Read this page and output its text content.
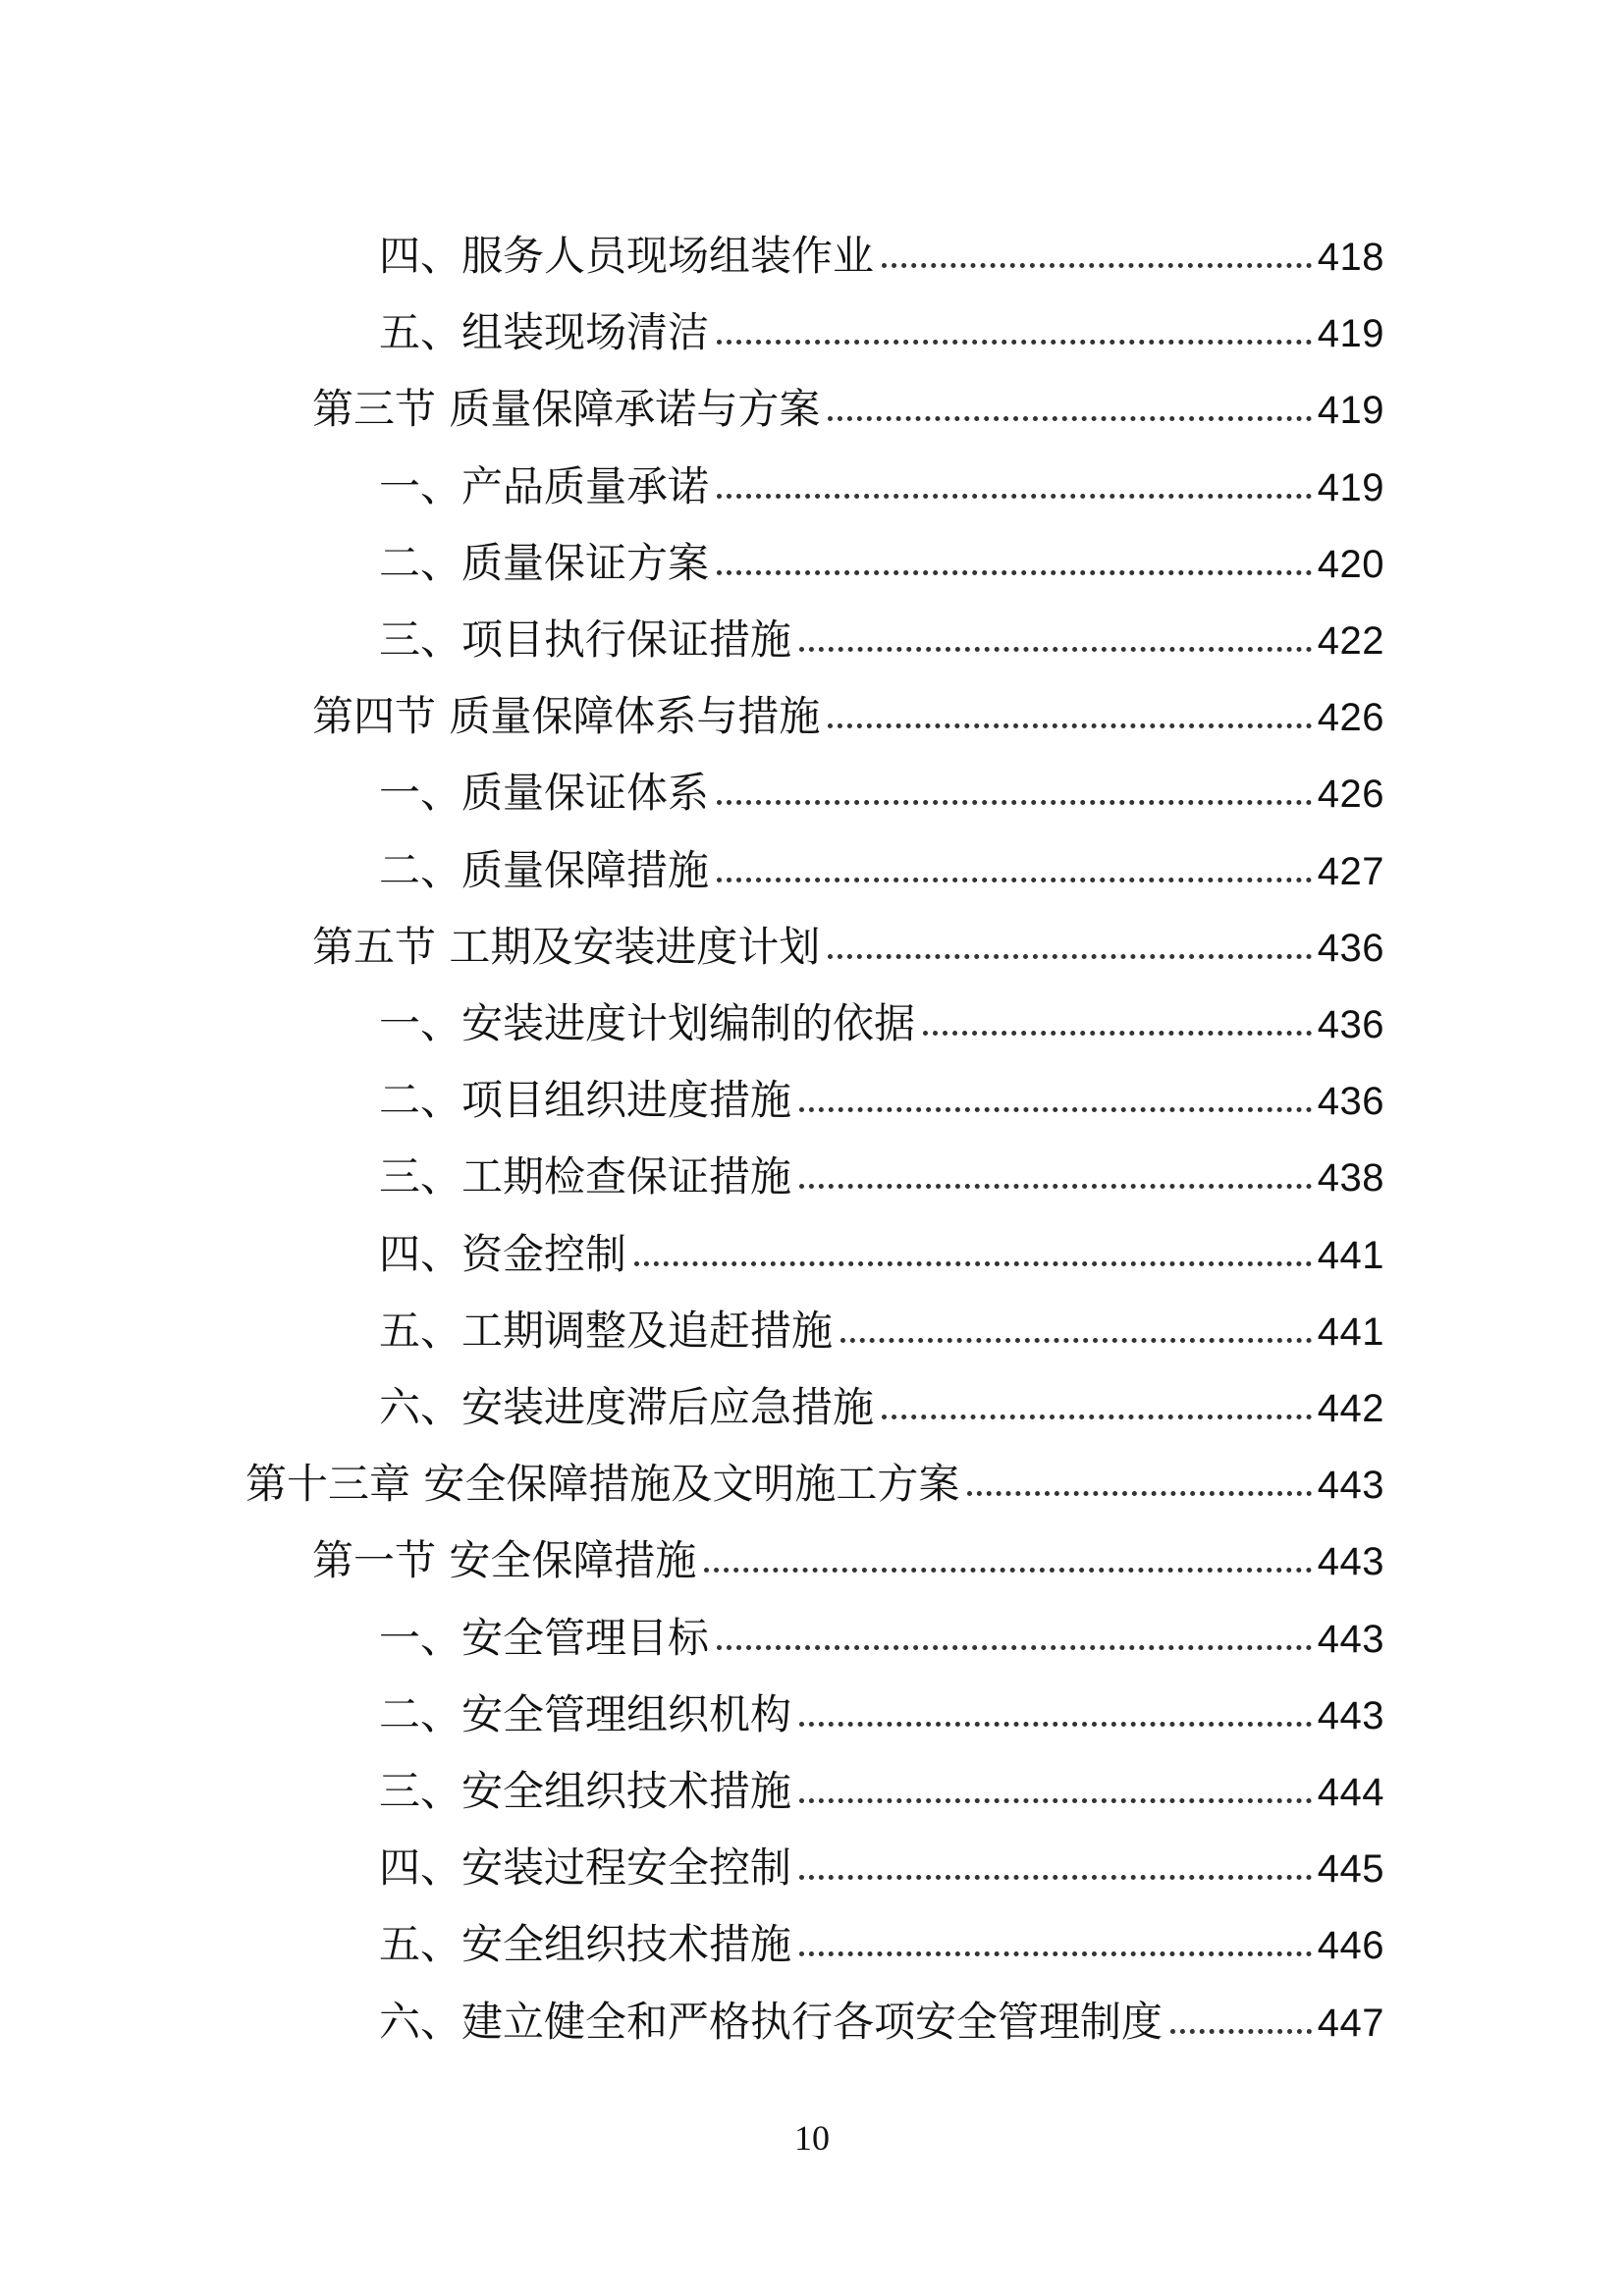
四、服务人员现场组装作业	418
五、组装现场清洁	419
第三节 质量保障承诺与方案	419
一、产品质量承诺	419
二、质量保证方案	420
三、项目执行保证措施	422
第四节 质量保障体系与措施	426
一、质量保证体系	426
二、质量保障措施	427
第五节 工期及安装进度计划	436
一、安装进度计划编制的依据	436
二、项目组织进度措施	436
三、工期检查保证措施	438
四、资金控制	441
五、工期调整及追赶措施	441
六、安装进度滞后应急措施	442
第十三章 安全保障措施及文明施工方案	443
第一节 安全保障措施	443
一、安全管理目标	443
二、安全管理组织机构	443
三、安全组织技术措施	444
四、安装过程安全控制	445
五、安全组织技术措施	446
六、建立健全和严格执行各项安全管理制度	447
10
